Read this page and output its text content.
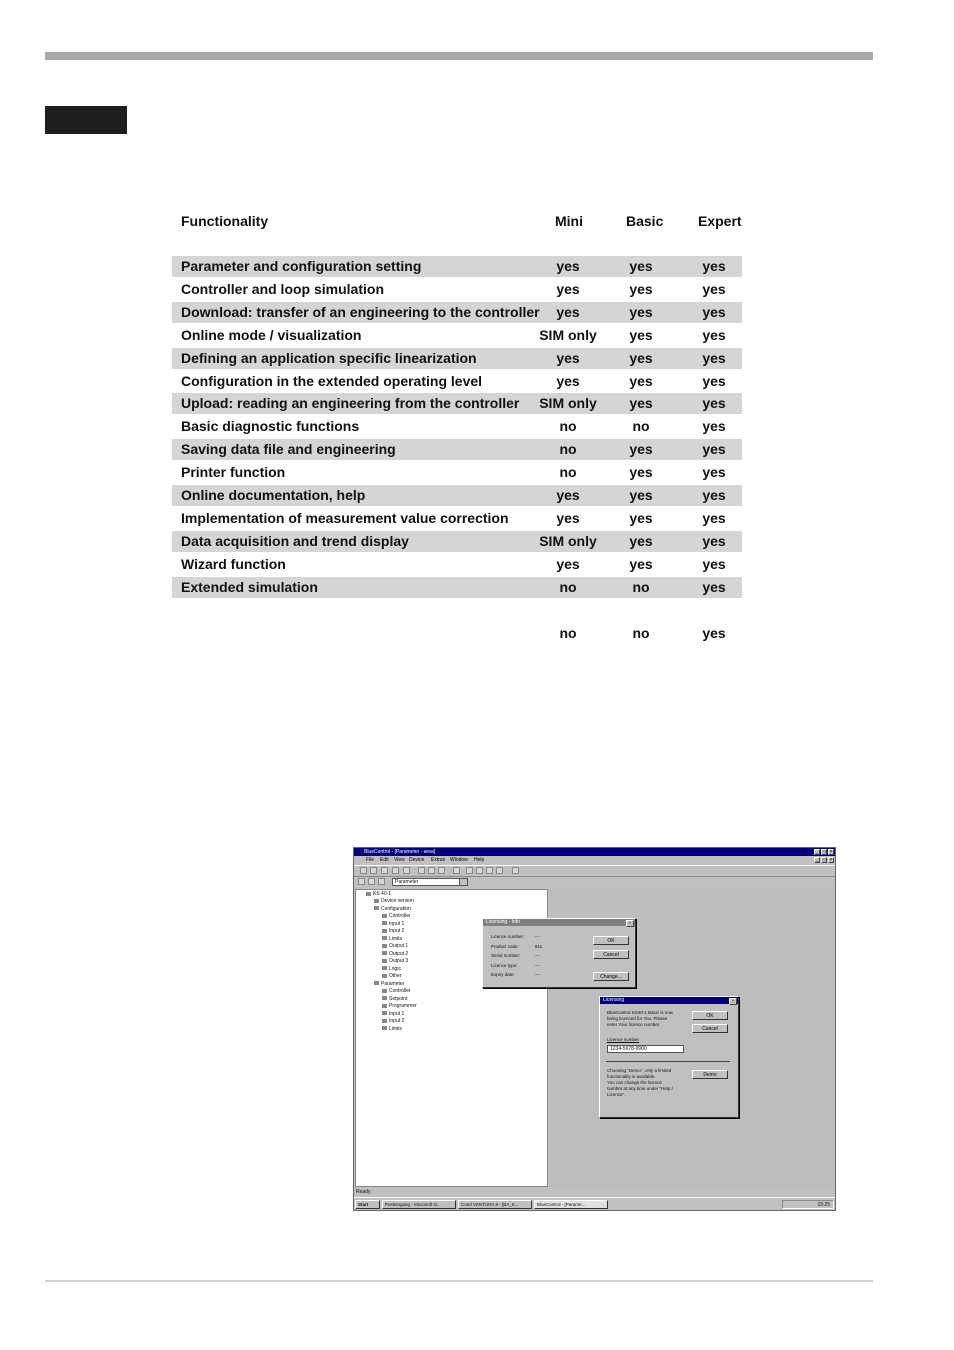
Functionality	Mini	Basic Expert
Parameter and configuration setting	yes	yes	yes
Controller and loop simulation	yes	yes	yes
Download: transfer of an engineering to the controller	yes	yes	yes
Online mode / visualization	SIM only	yes	yes
Defining an application specific linearization	yes	yes	yes
Configuration in the extended operating level	yes	yes	yes
Upload: reading an engineering from the controller	SIM only	yes	yes
Basic diagnostic functions	no	no	yes
Saving data file and engineering	no	yes	yes
Printer function	no	yes	yes
Online documentation, help	yes	yes	yes
Implementation of measurement value correction	yes	yes	yes
Data acquisition and trend display	SIM only	yes	yes
Wizard function	yes	yes	yes
Extended simulation	no	no	yes
no	no	yes
BlueControl - [Parameter - area]	_ □ ×
File Edit View Device Extras Window Help	_ □ ×
Parameter
KS 40-1
Device version
Configuration
Controller
Input 1
Input 2
Limits
Output 1
Output 2
Output 3
Logic
Other
Parameter
Controller
Setpoint
Programmer
Input 1
Input 2
Limits
Licensing - Info	×
Licence number: ---
Product code:	811
Serial number:	---
Licence type:	---
Expiry date:	---
OK
Cancel
Change...
Licensing	×
BlueControl KS40-1 Basic is now
being licenced for You. Please
enter Your licence number.
OK
Cancel
Licence number
1234-5678-9900
Choosing "Demo", only a limited
functionality is available.
You can change the licence
number at any time under "Help /
Licence".
Demo
Ready
Start	Posteingang - Microsoft O...	Corel VENTURA 8 - [BA_K...	BlueControl - [Parame...	15:25
